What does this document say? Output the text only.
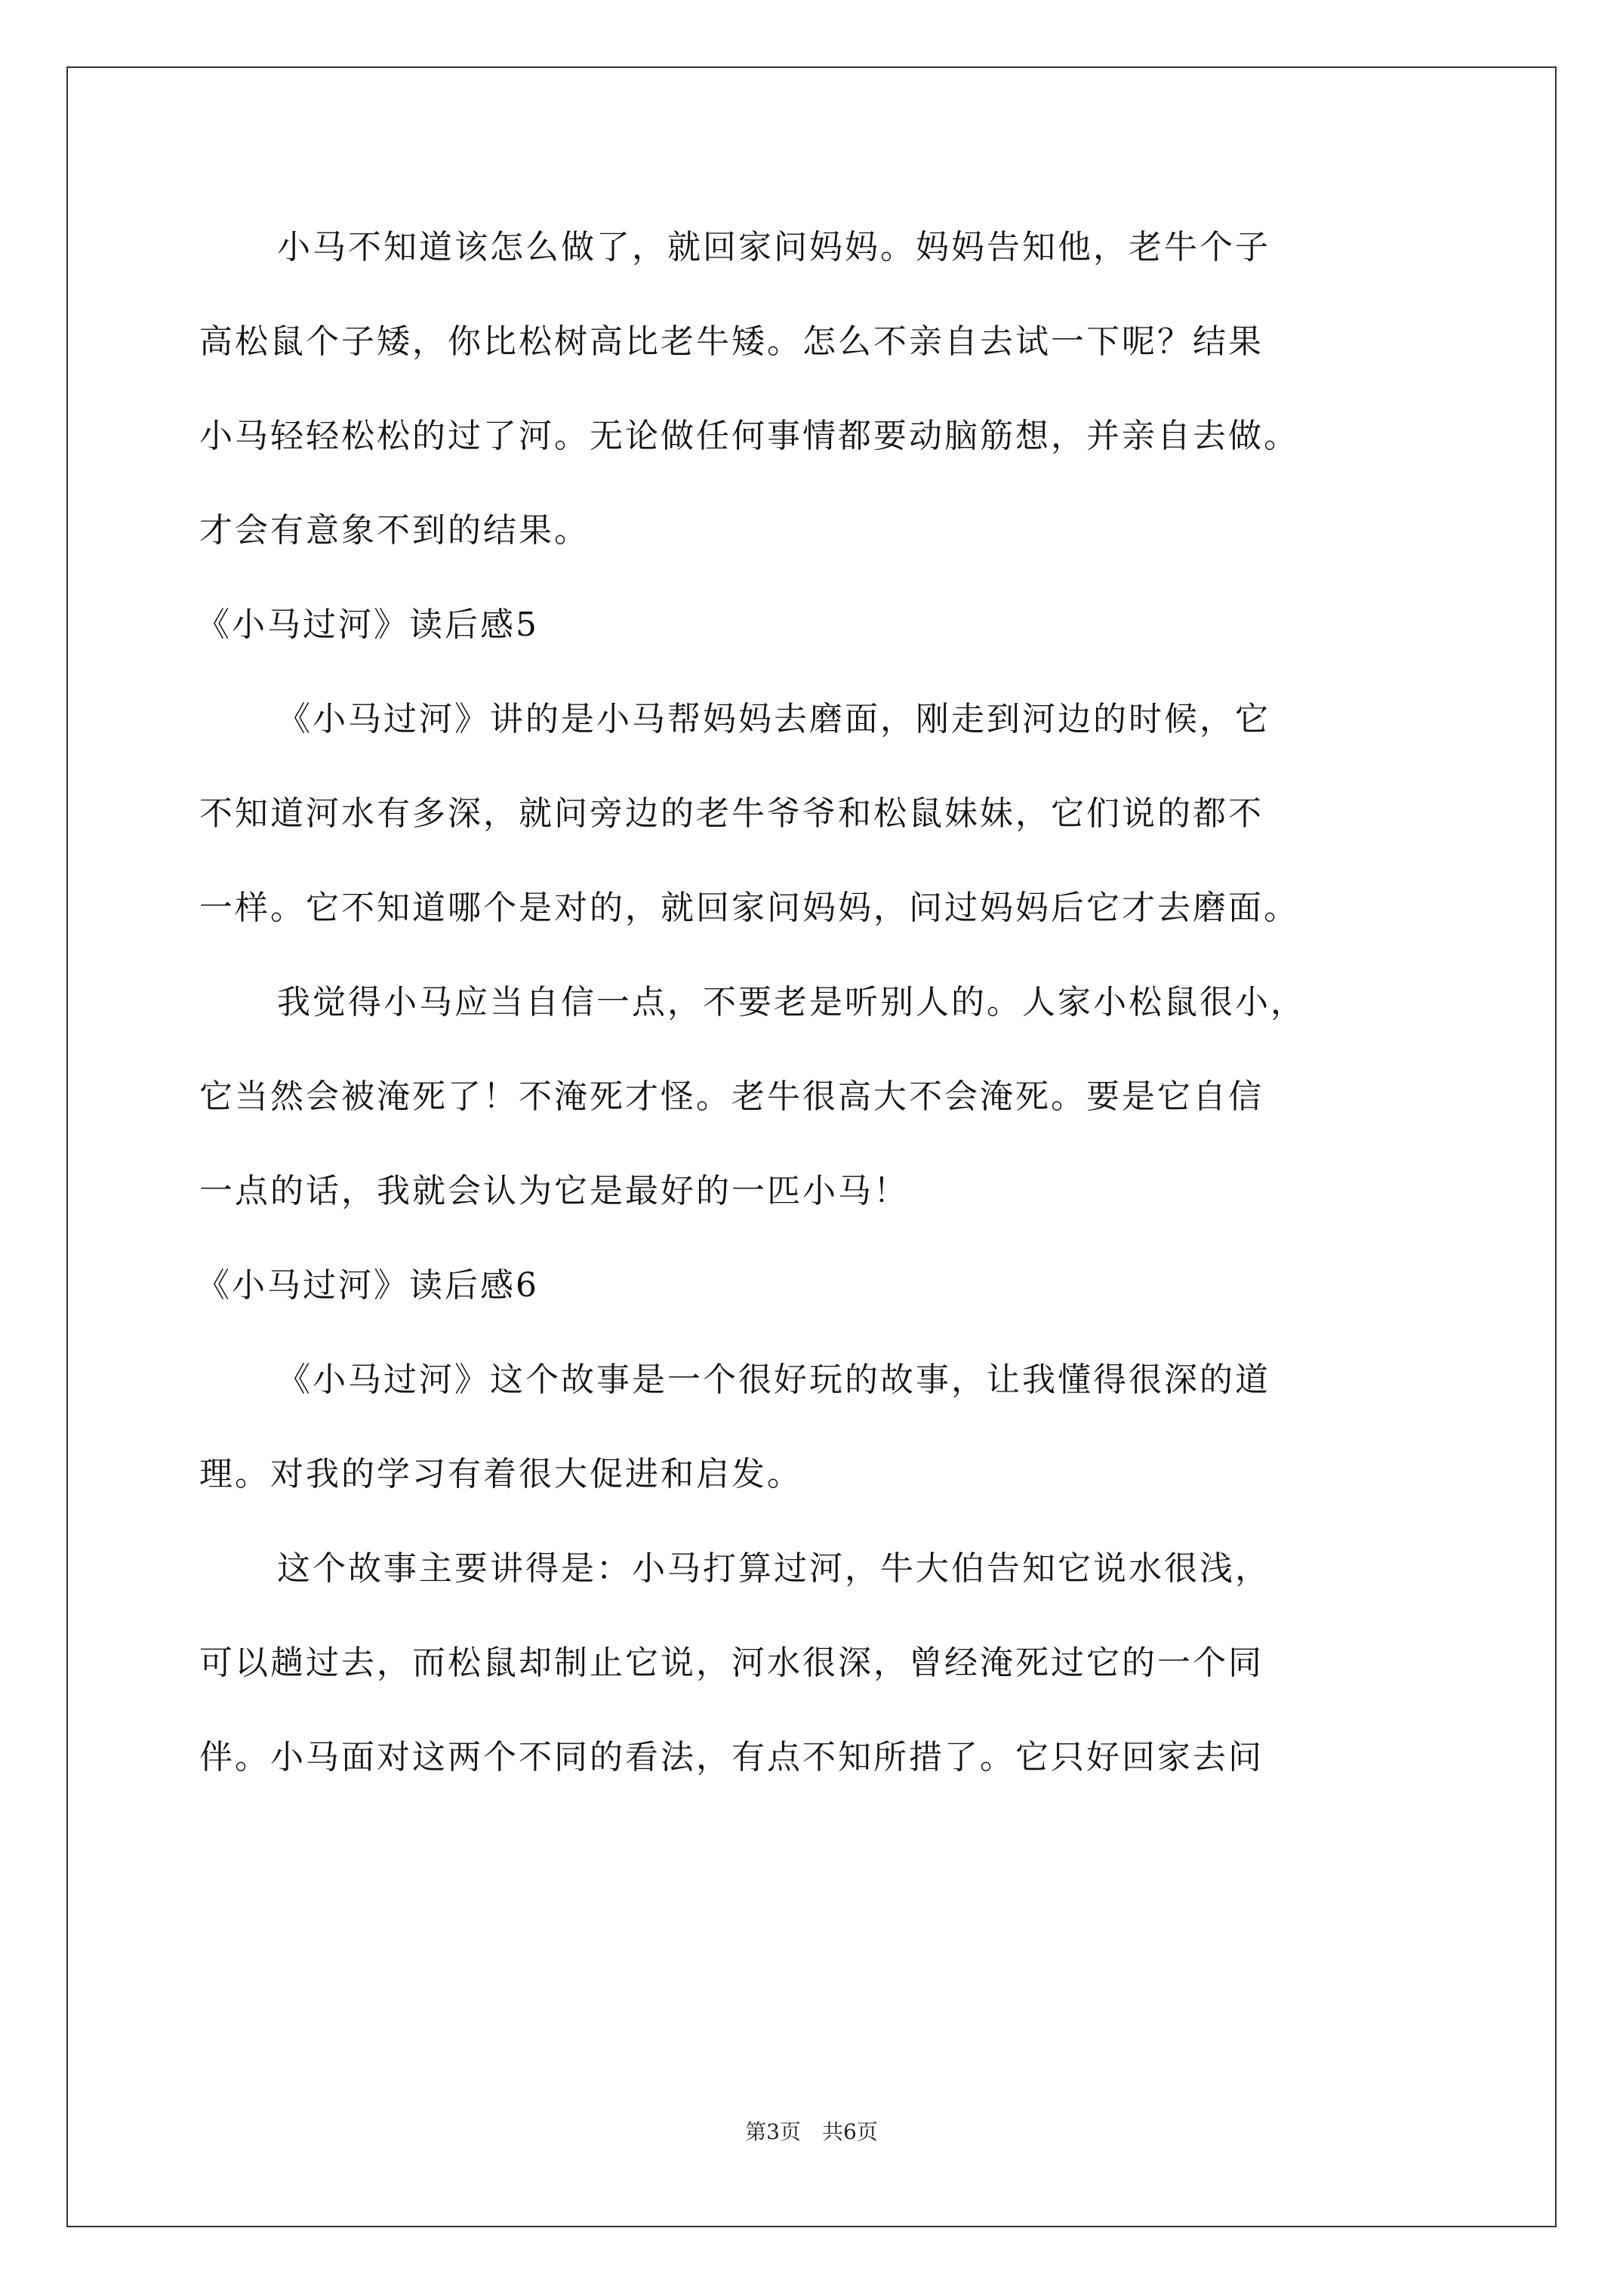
小马不知道该怎么做了，就回家问妈妈。妈妈告知他，老牛个子
高松鼠个子矮，你比松树高比老牛矮。怎么不亲自去试一下呢？结果
小马轻轻松松的过了河。无论做任何事情都要动脑筋想，并亲自去做。
才会有意象不到的结果。
《小马过河》读后感5
《小马过河》讲的是小马帮妈妈去磨面，刚走到河边的时候，它
不知道河水有多深，就问旁边的老牛爷爷和松鼠妹妹，它们说的都不
一样。它不知道哪个是对的，就回家问妈妈，问过妈妈后它才去磨面。
我觉得小马应当自信一点，不要老是听别人的。人家小松鼠很小，
它当然会被淹死了！不淹死才怪。老牛很高大不会淹死。要是它自信
一点的话，我就会认为它是最好的一匹小马！
《小马过河》读后感6
《小马过河》这个故事是一个很好玩的故事，让我懂得很深的道
理。对我的学习有着很大促进和启发。
这个故事主要讲得是：小马打算过河，牛大伯告知它说水很浅，
可以趟过去，而松鼠却制止它说，河水很深，曾经淹死过它的一个同
伴。小马面对这两个不同的看法，有点不知所措了。它只好回家去问
第3页　共6页
